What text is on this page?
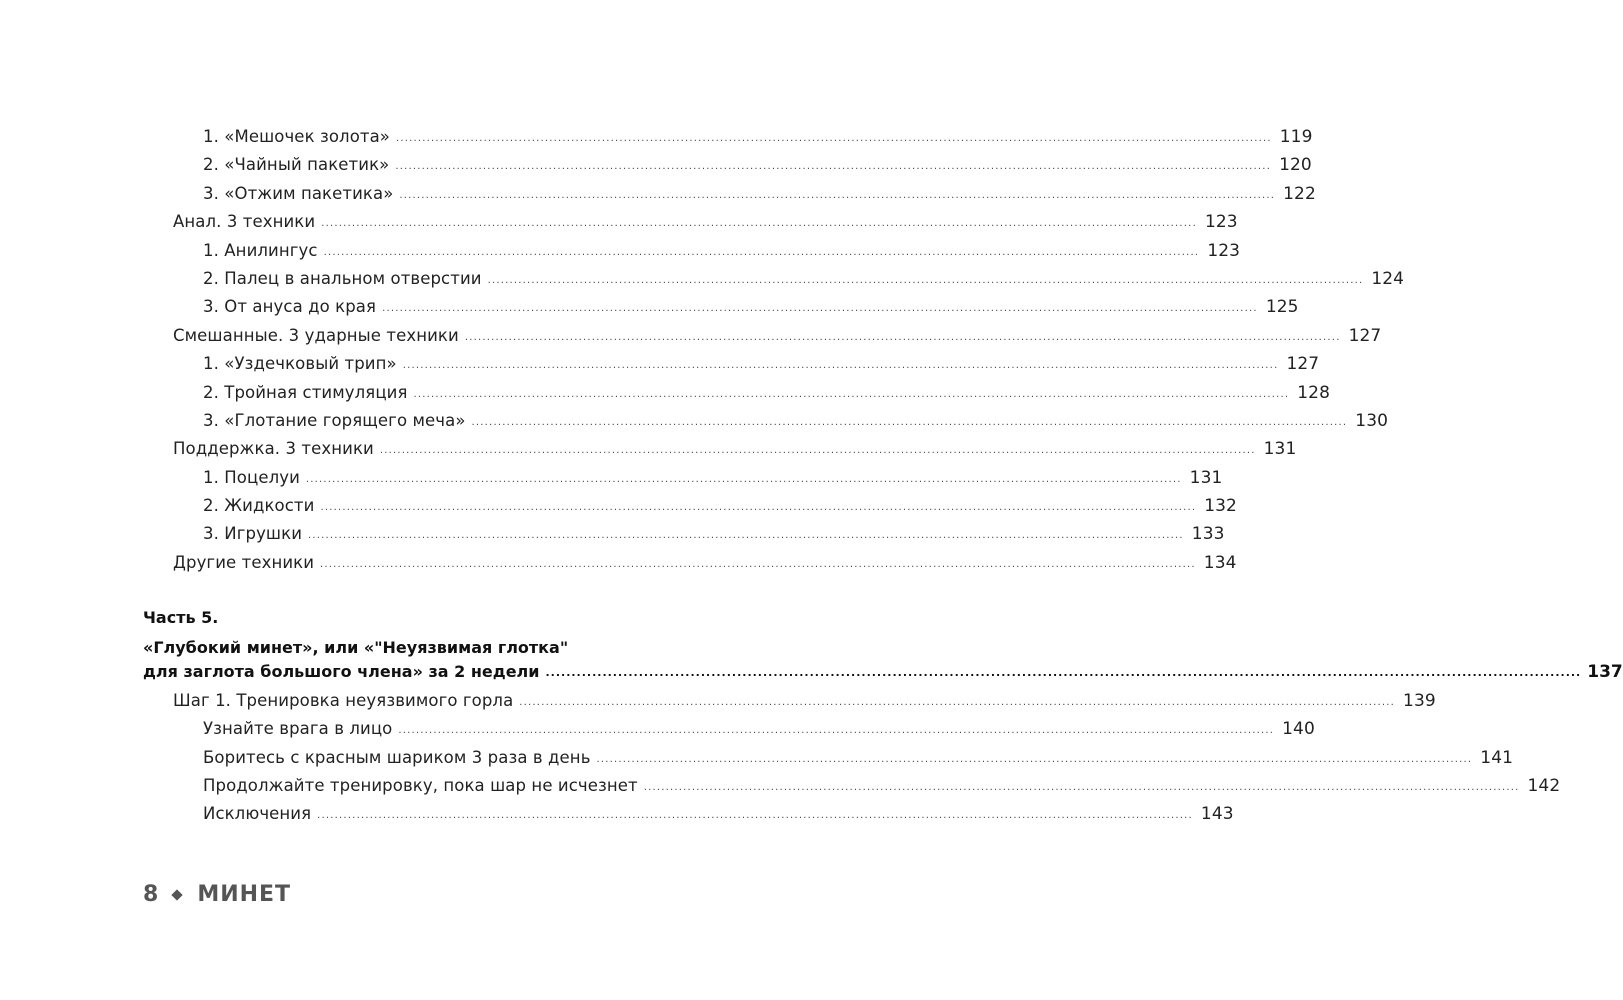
1. «Мешочек золота» ........................................................................................................................................................................................................ 119
2. «Чайный пакетик» ........................................................................................................................................................................................................ 120
3. «Отжим пакетика» ........................................................................................................................................................................................................ 122
Анал. 3 техники ........................................................................................................................................................................................................ 123
1. Анилингус ........................................................................................................................................................................................................ 123
2. Палец в анальном отверстии ........................................................................................................................................................................................................ 124
3. От ануса до края ........................................................................................................................................................................................................ 125
Смешанные. 3 ударные техники ........................................................................................................................................................................................................ 127
1. «Уздечковый трип» ........................................................................................................................................................................................................ 127
2. Тройная стимуляция ........................................................................................................................................................................................................ 128
3. «Глотание горящего меча» ........................................................................................................................................................................................................ 130
Поддержка. 3 техники ........................................................................................................................................................................................................ 131
1. Поцелуи ........................................................................................................................................................................................................ 131
2. Жидкости ........................................................................................................................................................................................................ 132
3. Игрушки ........................................................................................................................................................................................................ 133
Другие техники ........................................................................................................................................................................................................ 134
Часть 5.
«Глубокий минет», или «"Неуязвимая глотка"
для заглота большого члена» за 2 недели ........................................................................................................................................................................................................ 137
Шаг 1. Тренировка неуязвимого горла ........................................................................................................................................................................................................ 139
Узнайте врага в лицо ........................................................................................................................................................................................................ 140
Боритесь с красным шариком 3 раза в день ........................................................................................................................................................................................................ 141
Продолжайте тренировку, пока шар не исчезнет ........................................................................................................................................................................................................ 142
Исключения ........................................................................................................................................................................................................ 143
8 МИНЕТ
